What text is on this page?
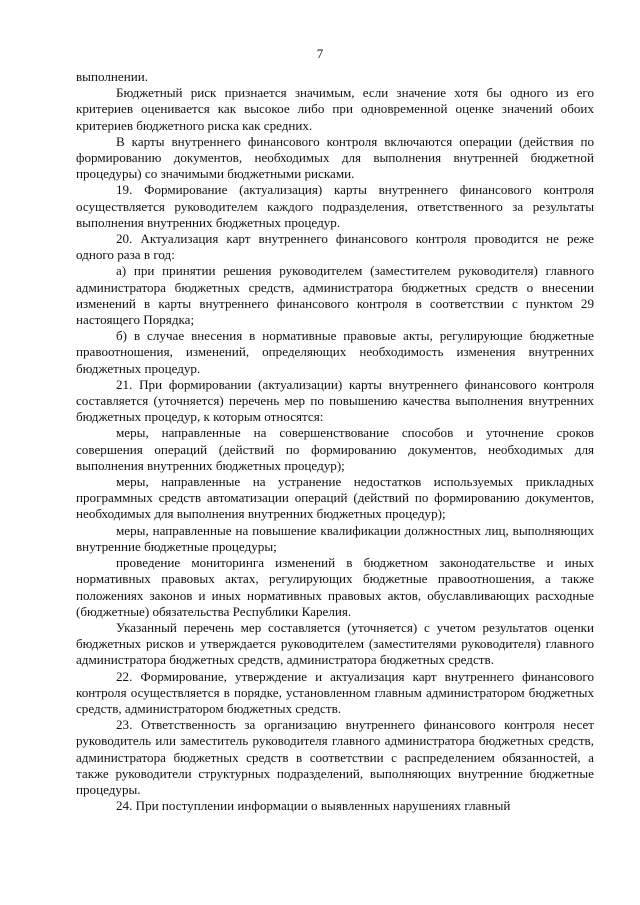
7

выполнении.

Бюджетный риск признается значимым, если значение хотя бы одного из его критериев оценивается как высокое либо при одновременной оценке значений обоих критериев бюджетного риска как средних.

В карты внутреннего финансового контроля включаются операции (действия по формированию документов, необходимых для выполнения внутренней бюджетной процедуры) со значимыми бюджетными рисками.

19. Формирование (актуализация) карты внутреннего финансового контроля осуществляется руководителем каждого подразделения, ответственного за результаты выполнения внутренних бюджетных процедур.

20. Актуализация карт внутреннего финансового контроля проводится не реже одного раза в год:

а) при принятии решения руководителем (заместителем руководителя) главного администратора бюджетных средств, администратора бюджетных средств о внесении изменений в карты внутреннего финансового контроля в соответствии с пунктом 29 настоящего Порядка;

б) в случае внесения в нормативные правовые акты, регулирующие бюджетные правоотношения, изменений, определяющих необходимость изменения внутренних бюджетных процедур.

21. При формировании (актуализации) карты внутреннего финансового контроля составляется (уточняется) перечень мер по повышению качества выполнения внутренних бюджетных процедур, к которым относятся:

меры, направленные на совершенствование способов и уточнение сроков совершения операций (действий по формированию документов, необходимых для выполнения внутренних бюджетных процедур);

меры, направленные на устранение недостатков используемых прикладных программных средств автоматизации операций (действий по формированию документов, необходимых для выполнения внутренних бюджетных процедур);

меры, направленные на повышение квалификации должностных лиц, выполняющих внутренние бюджетные процедуры;

проведение мониторинга изменений в бюджетном законодательстве и иных нормативных правовых актах, регулирующих бюджетные правоотношения, а также положениях законов и иных нормативных правовых актов, обуславливающих расходные (бюджетные) обязательства Республики Карелия.

Указанный перечень мер составляется (уточняется) с учетом результатов оценки бюджетных рисков и утверждается руководителем (заместителями руководителя) главного администратора бюджетных средств, администратора бюджетных средств.

22. Формирование, утверждение и актуализация карт внутреннего финансового контроля осуществляется в порядке, установленном главным администратором бюджетных средств, администратором бюджетных средств.

23. Ответственность за организацию внутреннего финансового контроля несет руководитель или заместитель руководителя главного администратора бюджетных средств, администратора бюджетных средств в соответствии с распределением обязанностей, а также руководители структурных подразделений, выполняющих внутренние бюджетные процедуры.

24. При поступлении информации о выявленных нарушениях главный
